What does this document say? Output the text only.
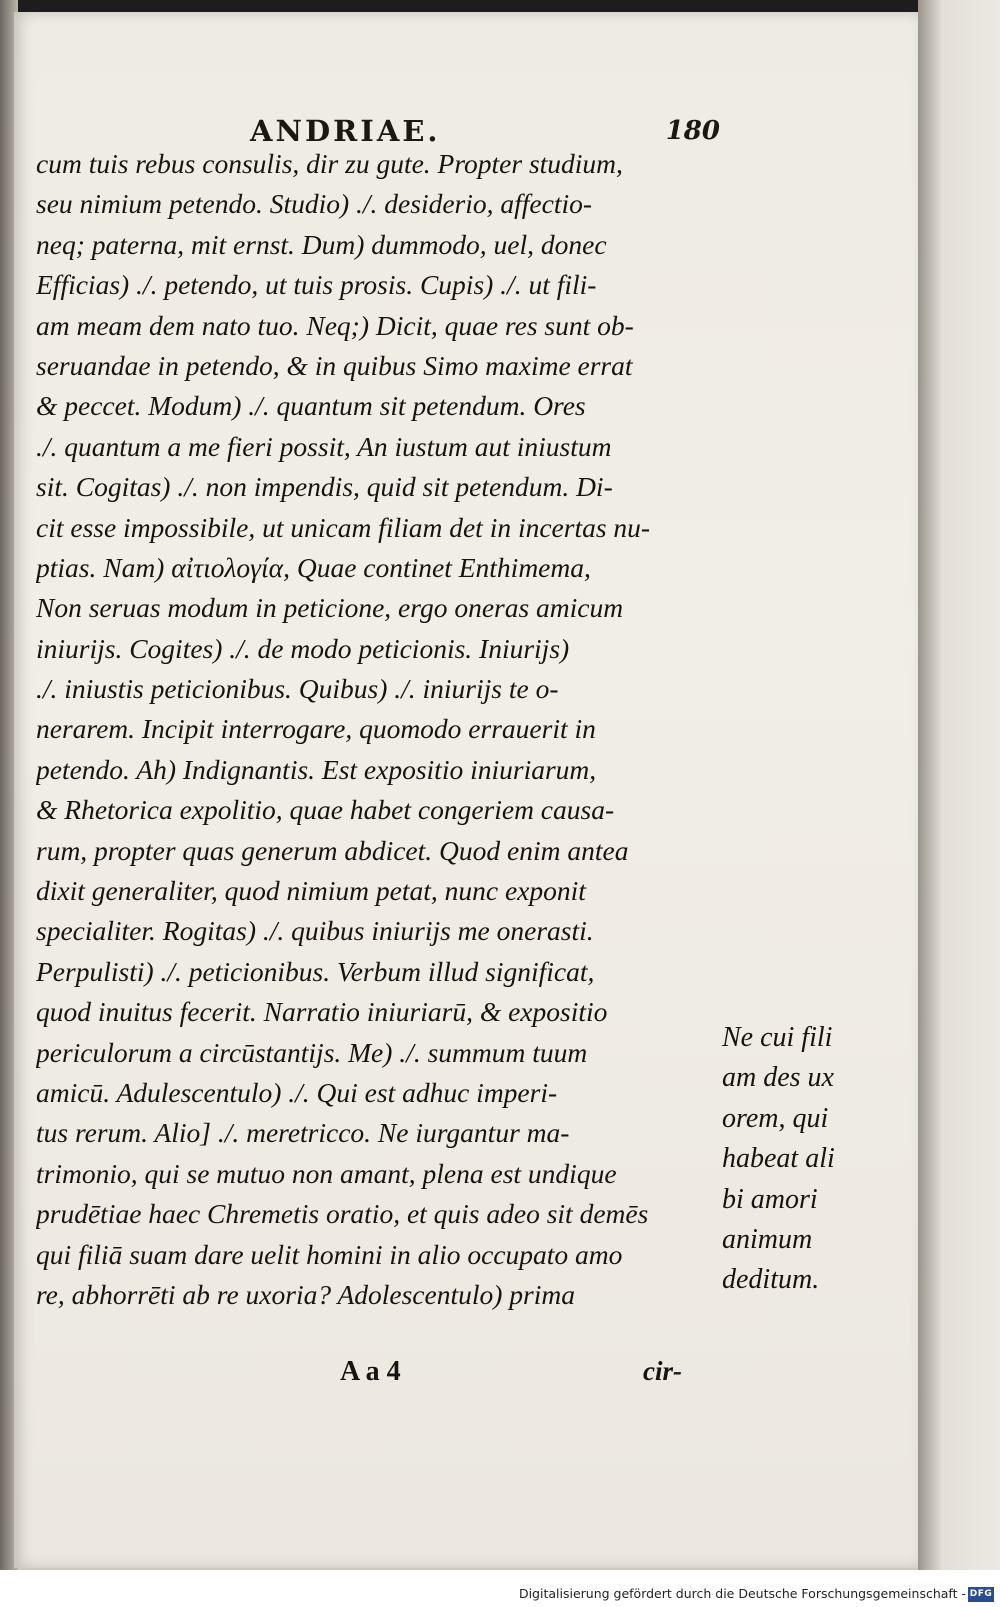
ANDRIAE.	180
cum tuis rebus consulis, dir zu gute. Propter studium,
seu nimium petendo. Studio) ./. desiderio, affectio-
neq; paterna, mit ernst. Dum) dummodo, uel, donec
Efficias) ./. petendo, ut tuis prosis. Cupis) ./. ut fili-
am meam dem nato tuo. Neq;) Dicit, quae res sunt ob-
seruandae in petendo, & in quibus Simo maxime errat
& peccet. Modum) ./. quantum sit petendum. Ores
./. quantum a me fieri possit, An iustum aut iniustum
sit. Cogitas) ./. non impendis, quid sit petendum. Di-
cit esse impossibile, ut unicam filiam det in incertas nu-
ptias. Nam) αἰτιολογία, Quae continet Enthimema,
Non seruas modum in peticione, ergo oneras amicum
iniurijs. Cogites) ./. de modo peticionis. Iniurijs)
./. iniustis peticionibus. Quibus) ./. iniurijs te o-
nerarem. Incipit interrogare, quomodo errauerit in
petendo. Ah) Indignantis. Est expositio iniuriarum,
& Rhetorica expolitio, quae habet congeriem causa-
rum, propter quas generum abdicet. Quod enim antea
dixit generaliter, quod nimium petat, nunc exponit
specialiter. Rogitas) ./. quibus iniurijs me onerasti.
Perpulisti) ./. peticionibus. Verbum illud significat,
quod inuitus fecerit. Narratio iniuriarū, & expositio
periculorum a circūstantijs. Me) ./. summum tuum
amicū. Adulescentulo) ./. Qui est adhuc imperi-
tus rerum. Alio] ./. meretricco. Ne iurgantur ma-
trimonio, qui se mutuo non amant, plena est undique
prudētiae haec Chremetis oratio, et quis adeo sit demēs
qui filiā suam dare uelit homini in alio occupato amo
re, abhorrēti ab re uxoria? Adolescentulo) prima
Ne cui fili
am des ux
orem, qui
habeat ali
bi amori
animum
deditum.
A a 4	cir-
Digitalisierung gefördert durch die Deutsche Forschungsgemeinschaft - DFG
